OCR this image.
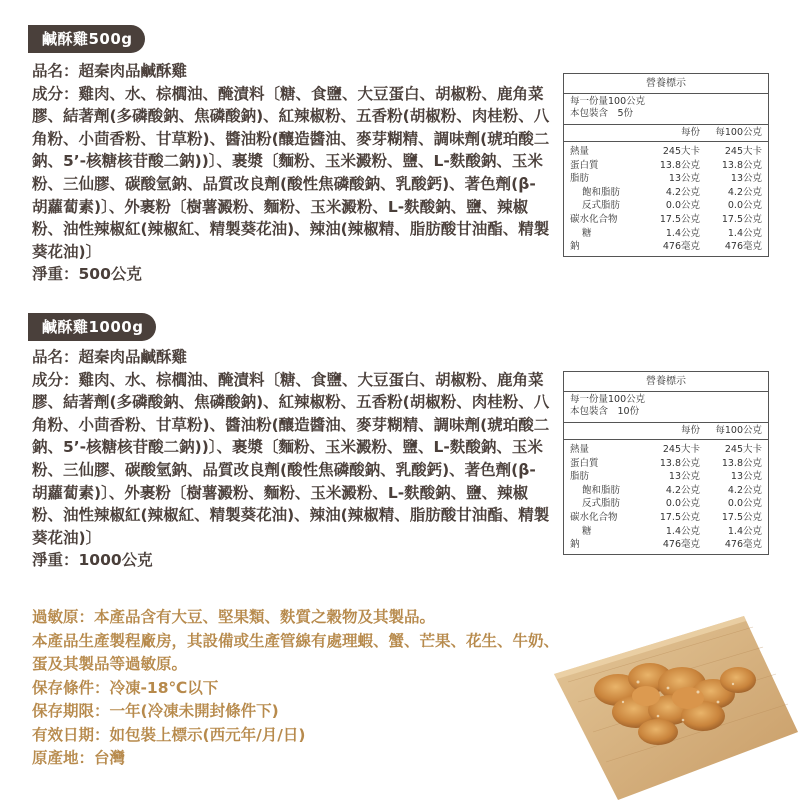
鹹酥雞500g

品名：超秦肉品鹹酥雞

成分：雞肉、水、棕櫚油、醃漬料〔糖、食鹽、大豆蛋白、胡椒粉、鹿角菜膠、結著劑(多磷酸鈉、焦磷酸鈉)、紅辣椒粉、五香粉(胡椒粉、肉桂粉、八角粉、小茴香粉、甘草粉)、醬油粉(釀造醬油、麥芽糊精、調味劑(琥珀酸二鈉、5’-核糖核苷酸二鈉))〕、裹漿〔麵粉、玉米澱粉、鹽、L-麩酸鈉、玉米粉、三仙膠、碳酸氫鈉、品質改良劑(酸性焦磷酸鈉、乳酸鈣)、著色劑(β-胡蘿蔔素)〕、外裹粉〔樹薯澱粉、麵粉、玉米澱粉、L-麩酸鈉、鹽、辣椒粉、油性辣椒紅(辣椒紅、精製葵花油)、辣油(辣椒精、脂肪酸甘油酯、精製葵花油)〕

淨重：500公克

營養標示
每一份量100公克
本包裝含　5份
每份	每100公克
熱量	245大卡	245大卡
蛋白質	13.8公克	13.8公克
脂肪	13公克	13公克
飽和脂肪	4.2公克	4.2公克
反式脂肪	0.0公克	0.0公克
碳水化合物	17.5公克	17.5公克
糖	1.4公克	1.4公克
鈉	476毫克	476毫克
鹹酥雞1000g

品名：超秦肉品鹹酥雞

成分：雞肉、水、棕櫚油、醃漬料〔糖、食鹽、大豆蛋白、胡椒粉、鹿角菜膠、結著劑(多磷酸鈉、焦磷酸鈉)、紅辣椒粉、五香粉(胡椒粉、肉桂粉、八角粉、小茴香粉、甘草粉)、醬油粉(釀造醬油、麥芽糊精、調味劑(琥珀酸二鈉、5’-核糖核苷酸二鈉))〕、裹漿〔麵粉、玉米澱粉、鹽、L-麩酸鈉、玉米粉、三仙膠、碳酸氫鈉、品質改良劑(酸性焦磷酸鈉、乳酸鈣)、著色劑(β-胡蘿蔔素)〕、外裹粉〔樹薯澱粉、麵粉、玉米澱粉、L-麩酸鈉、鹽、辣椒粉、油性辣椒紅(辣椒紅、精製葵花油)、辣油(辣椒精、脂肪酸甘油酯、精製葵花油)〕

淨重：1000公克

營養標示
每一份量100公克
本包裝含　10份
每份	每100公克
熱量	245大卡	245大卡
蛋白質	13.8公克	13.8公克
脂肪	13公克	13公克
飽和脂肪	4.2公克	4.2公克
反式脂肪	0.0公克	0.0公克
碳水化合物	17.5公克	17.5公克
糖	1.4公克	1.4公克
鈉	476毫克	476毫克

過敏原：本產品含有大豆、堅果類、麩質之穀物及其製品。

本產品生產製程廠房，其設備或生產管線有處理蝦、蟹、芒果、花生、牛奶、蛋及其製品等過敏原。

保存條件：冷凍-18℃以下

保存期限：一年(冷凍未開封條件下)

有效日期：如包裝上標示(西元年/月/日)

原產地：台灣
